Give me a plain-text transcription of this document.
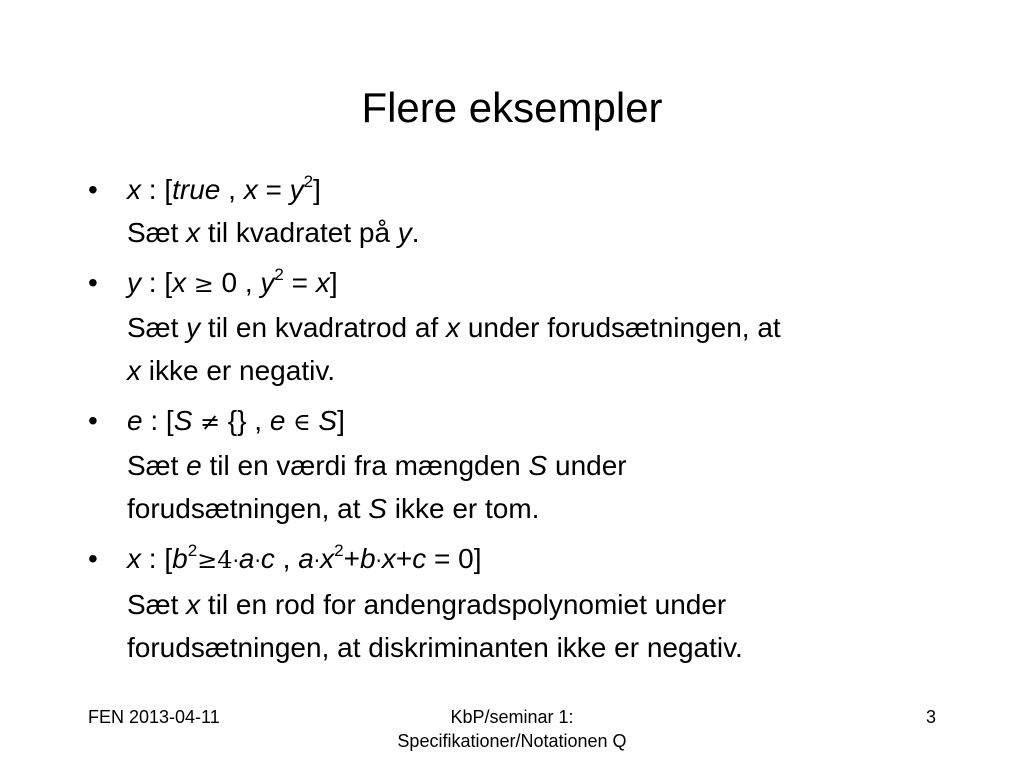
Flere eksempler
• x : [true , $x = y^2$]
Sæt x til kvadratet på y.
• y : [x ≥ 0 , $y^2 = x$]
Sæt y til en kvadratrod af x under forudsætningen, at
x ikke er negativ.
• e : [S ≠ {} , e ∈ S]
Sæt e til en værdi fra mængden S under
forudsætningen, at S ikke er tom.
• x : [$b^2\ge 4\cdot a\cdot c$ , $a\cdot x^2+b\cdot x+c = 0$]
Sæt x til en rod for andengradspolynomiet under
forudsætningen, at diskriminanten ikke er negativ.
FEN 2013-04-11	KbP/seminar 1:
Specifikationer/Notationen Q
3
